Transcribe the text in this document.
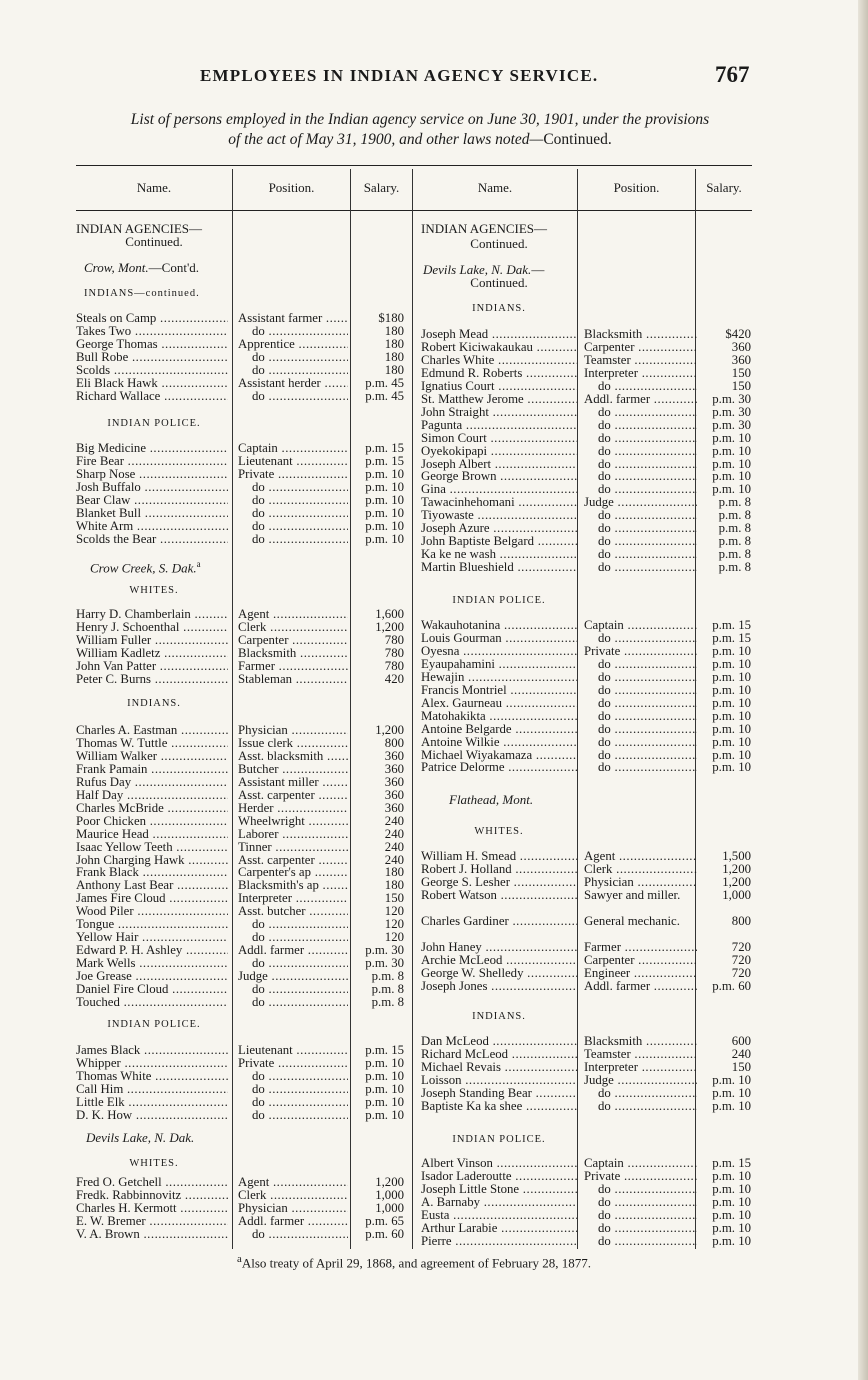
EMPLOYEES IN INDIAN AGENCY SERVICE.	767
List of persons employed in the Indian agency service on June 30, 1901, under the provisions
of the act of May 31, 1900, and other laws noted—Continued.
Name.	Position.	Salary.	Name.	Position.	Salary.
INDIAN AGENCIES—
Continued.
Crow, Mont.—Cont'd.
INDIANS—continued.
Steals on Camp .....	Assistant farmer .....	$180
Takes Two .....	do .....	180
George Thomas .....	Apprentice .....	180
Bull Robe .....	do .....	180
Scolds .....	do .....	180
Eli Black Hawk .....	Assistant herder .....	p.m. 45
Richard Wallace .....	do .....	p.m. 45
INDIAN POLICE.
Big Medicine .....	Captain .....	p.m. 15
Fire Bear .....	Lieutenant .....	p.m. 15
Sharp Nose .....	Private .....	p.m. 10
Josh Buffalo .....	do .....	p.m. 10
Bear Claw .....	do .....	p.m. 10
Blanket Bull .....	do .....	p.m. 10
White Arm .....	do .....	p.m. 10
Scolds the Bear .....	do .....	p.m. 10
Crow Creek, S. Dak.$^a$
WHITES.
Harry D. Chamberlain .....	Agent .....	1,600
Henry J. Schoenthal .....	Clerk .....	1,200
William Fuller .....	Carpenter .....	780
William Kadletz .....	Blacksmith .....	780
John Van Patter .....	Farmer .....	780
Peter C. Burns .....	Stableman .....	420
INDIANS.
Charles A. Eastman .....	Physician .....	1,200
Thomas W. Tuttle .....	Issue clerk .....	800
William Walker .....	Asst. blacksmith .....	360
Frank Pamain .....	Butcher .....	360
Rufus Day .....	Assistant miller .....	360
Half Day .....	Asst. carpenter .....	360
Charles McBride .....	Herder .....	360
Poor Chicken .....	Wheelwright .....	240
Maurice Head .....	Laborer .....	240
Isaac Yellow Teeth .....	Tinner .....	240
John Charging Hawk .....	Asst. carpenter .....	240
Frank Black .....	Carpenter's ap .....	180
Anthony Last Bear .....	Blacksmith's ap .....	180
James Fire Cloud .....	Interpreter .....	150
Wood Piler .....	Asst. butcher .....	120
Tongue .....	do .....	120
Yellow Hair .....	do .....	120
Edward P. H. Ashley .....	Addl. farmer .....	p.m. 30
Mark Wells .....	do .....	p.m. 30
Joe Grease .....	Judge .....	p.m. 8
Daniel Fire Cloud .....	do .....	p.m. 8
Touched .....	do .....	p.m. 8
INDIAN POLICE.
James Black .....	Lieutenant .....	p.m. 15
Whipper .....	Private .....	p.m. 10
Thomas White .....	do .....	p.m. 10
Call Him .....	do .....	p.m. 10
Little Elk .....	do .....	p.m. 10
D. K. How .....	do .....	p.m. 10
Devils Lake, N. Dak.
WHITES.
Fred O. Getchell .....	Agent .....	1,200
Fredk. Rabbinnovitz .....	Clerk .....	1,000
Charles H. Kermott .....	Physician .....	1,000
E. W. Bremer .....	Addl. farmer .....	p.m. 65
V. A. Brown .....	do .....	p.m. 60
INDIAN AGENCIES—
Continued.
Devils Lake, N. Dak.—
Continued.
INDIANS.
Joseph Mead .....	Blacksmith .....	$420
Robert Kiciwakaukau .....	Carpenter .....	360
Charles White .....	Teamster .....	360
Edmund R. Roberts .....	Interpreter .....	150
Ignatius Court .....	do .....	150
St. Matthew Jerome .....	Addl. farmer .....	p.m. 30
John Straight .....	do .....	p.m. 30
Pagunta .....	do .....	p.m. 30
Simon Court .....	do .....	p.m. 10
Oyekokipapi .....	do .....	p.m. 10
Joseph Albert .....	do .....	p.m. 10
George Brown .....	do .....	p.m. 10
Gina .....	do .....	p.m. 10
Tawacinhehomani .....	Judge .....	p.m. 8
Tiyowaste .....	do .....	p.m. 8
Joseph Azure .....	do .....	p.m. 8
John Baptiste Belgard .....	do .....	p.m. 8
Ka ke ne wash .....	do .....	p.m. 8
Martin Blueshield .....	do .....	p.m. 8
INDIAN POLICE.
Wakauhotanina .....	Captain .....	p.m. 15
Louis Gourman .....	do .....	p.m. 15
Oyesna .....	Private .....	p.m. 10
Eyaupahamini .....	do .....	p.m. 10
Hewajin .....	do .....	p.m. 10
Francis Montriel .....	do .....	p.m. 10
Alex. Gaurneau .....	do .....	p.m. 10
Matohakikta .....	do .....	p.m. 10
Antoine Belgarde .....	do .....	p.m. 10
Antoine Wilkie .....	do .....	p.m. 10
Michael Wiyakamaza .....	do .....	p.m. 10
Patrice Delorme .....	do .....	p.m. 10
Flathead, Mont.
WHITES.
William H. Smead .....	Agent .....	1,500
Robert J. Holland .....	Clerk .....	1,200
George S. Lesher .....	Physician .....	1,200
Robert Watson .....	Sawyer and miller.	1,000
Charles Gardiner .....	General mechanic.	800
John Haney .....	Farmer .....	720
Archie McLeod .....	Carpenter .....	720
George W. Shelledy .....	Engineer .....	720
Joseph Jones .....	Addl. farmer .....	p.m. 60
INDIANS.
Dan McLeod .....	Blacksmith .....	600
Richard McLeod .....	Teamster .....	240
Michael Revais .....	Interpreter .....	150
Loisson .....	Judge .....	p.m. 10
Joseph Standing Bear .....	do .....	p.m. 10
Baptiste Ka ka shee .....	do .....	p.m. 10
INDIAN POLICE.
Albert Vinson .....	Captain .....	p.m. 15
Isador Laderoutte .....	Private .....	p.m. 10
Joseph Little Stone .....	do .....	p.m. 10
A. Barnaby .....	do .....	p.m. 10
Eusta .....	do .....	p.m. 10
Arthur Larabie .....	do .....	p.m. 10
Pierre .....	do .....	p.m. 10
$^a$Also treaty of April 29, 1868, and agreement of February 28, 1877.
